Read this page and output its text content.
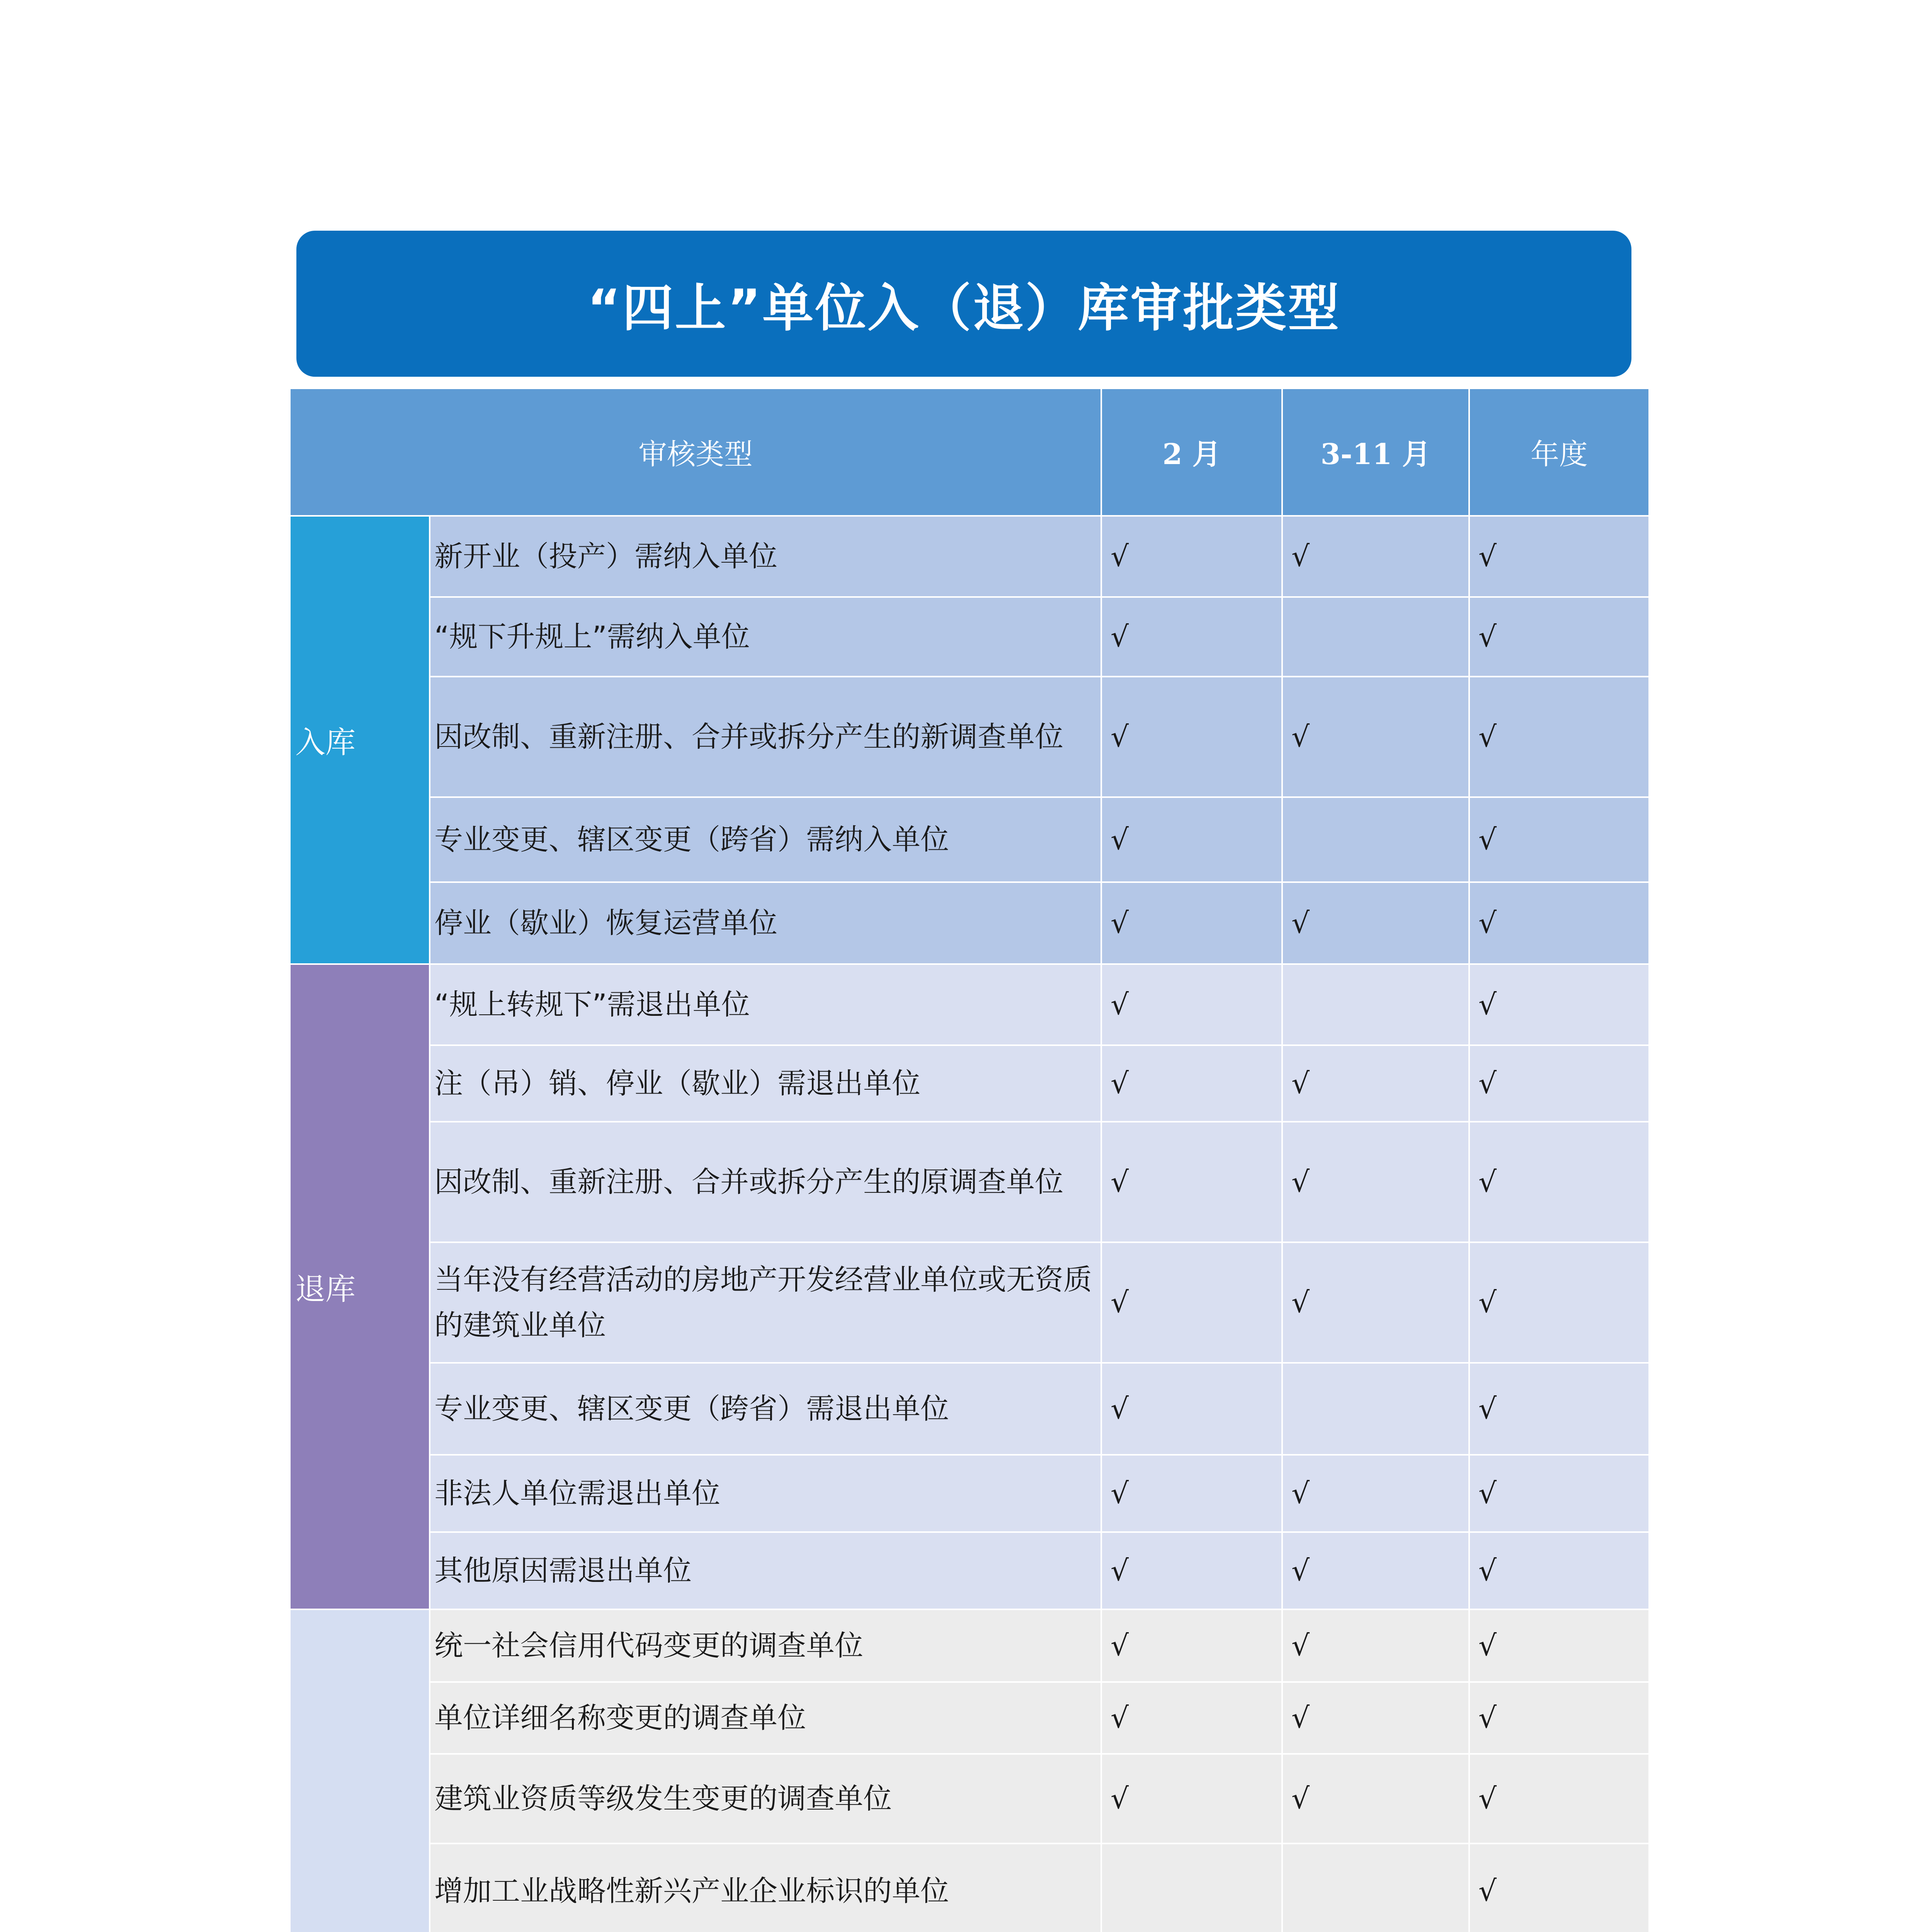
“四上”单位入（退）库审批类型
审核类型		2 月	3-11 月	年度
入库	新开业（投产）需纳入单位	√	√	√
	“规下升规上”需纳入单位	√		√
	因改制、重新注册、合并或拆分产生的新调查单位	√	√	√
	专业变更、辖区变更（跨省）需纳入单位	√		√
	停业（歇业）恢复运营单位	√	√	√
退库	“规上转规下”需退出单位	√		√
	注（吊）销、停业（歇业）需退出单位	√	√	√
	因改制、重新注册、合并或拆分产生的原调查单位	√	√	√
	当年没有经营活动的房地产开发经营业单位或无资质的建筑业单位	√	√	√
	专业变更、辖区变更（跨省）需退出单位	√		√
	非法人单位需退出单位	√	√	√
	其他原因需退出单位	√	√	√
	统一社会信用代码变更的调查单位	√	√	√
	单位详细名称变更的调查单位	√	√	√
	建筑业资质等级发生变更的调查单位	√	√	√
	增加工业战略性新兴产业企业标识的单位			√
